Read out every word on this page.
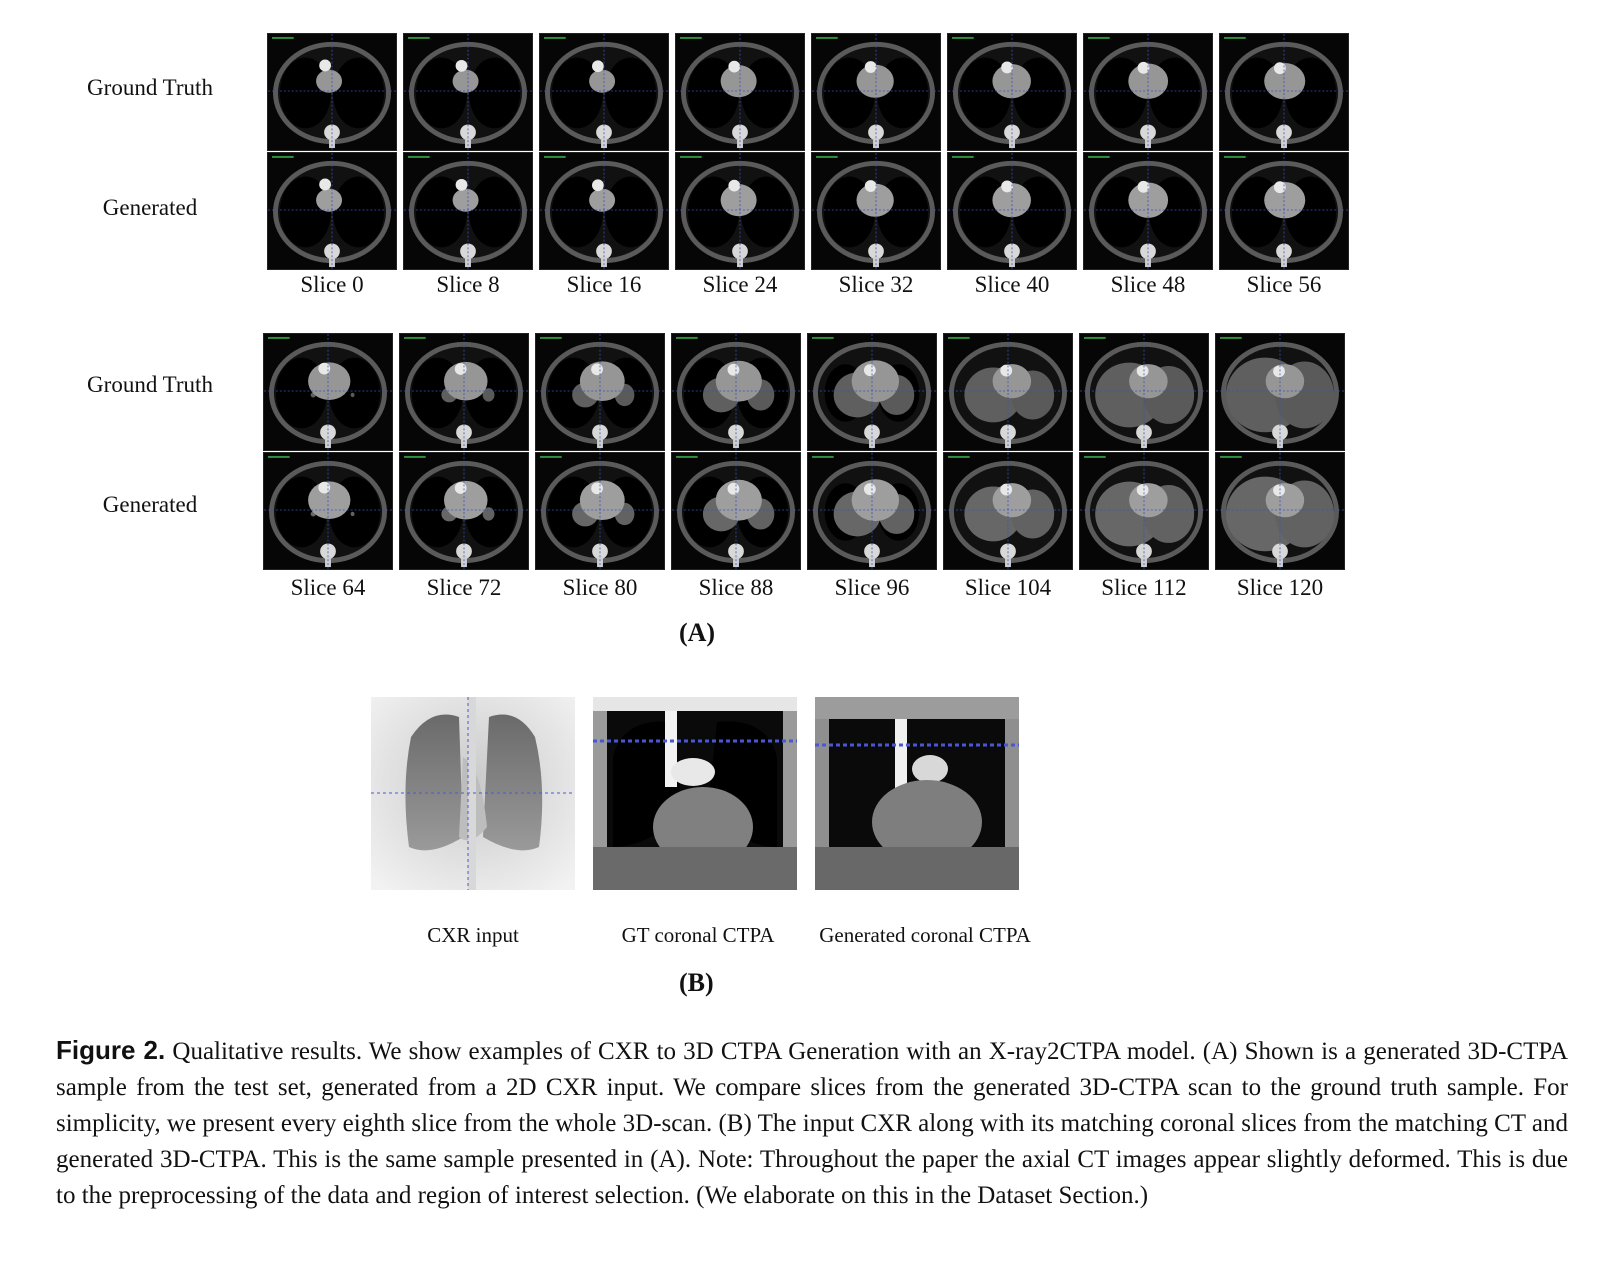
Ground Truth
Generated
Ground Truth
Generated
Slice 0	Slice 8	Slice 16	Slice 24	Slice 32	Slice 40	Slice 48	Slice 56
Slice 64	Slice 72	Slice 80	Slice 88	Slice 96	Slice 104	Slice 112	Slice 120
(A)
CXR input	GT coronal CTPA	Generated coronal CTPA
(B)
Figure 2. Qualitative results. We show examples of CXR to 3D CTPA Generation with an X-ray2CTPA model. (A) Shown is a generated 3D-CTPA sample from the test set, generated from a 2D CXR input. We compare slices from the generated 3D-CTPA scan to the ground truth sample. For simplicity, we present every eighth slice from the whole 3D-scan. (B) The input CXR along with its matching coronal slices from the matching CT and generated 3D-CTPA. This is the same sample presented in (A). Note: Throughout the paper the axial CT images appear slightly deformed. This is due to the preprocessing of the data and region of interest selection. (We elaborate on this in the Dataset Section.)
